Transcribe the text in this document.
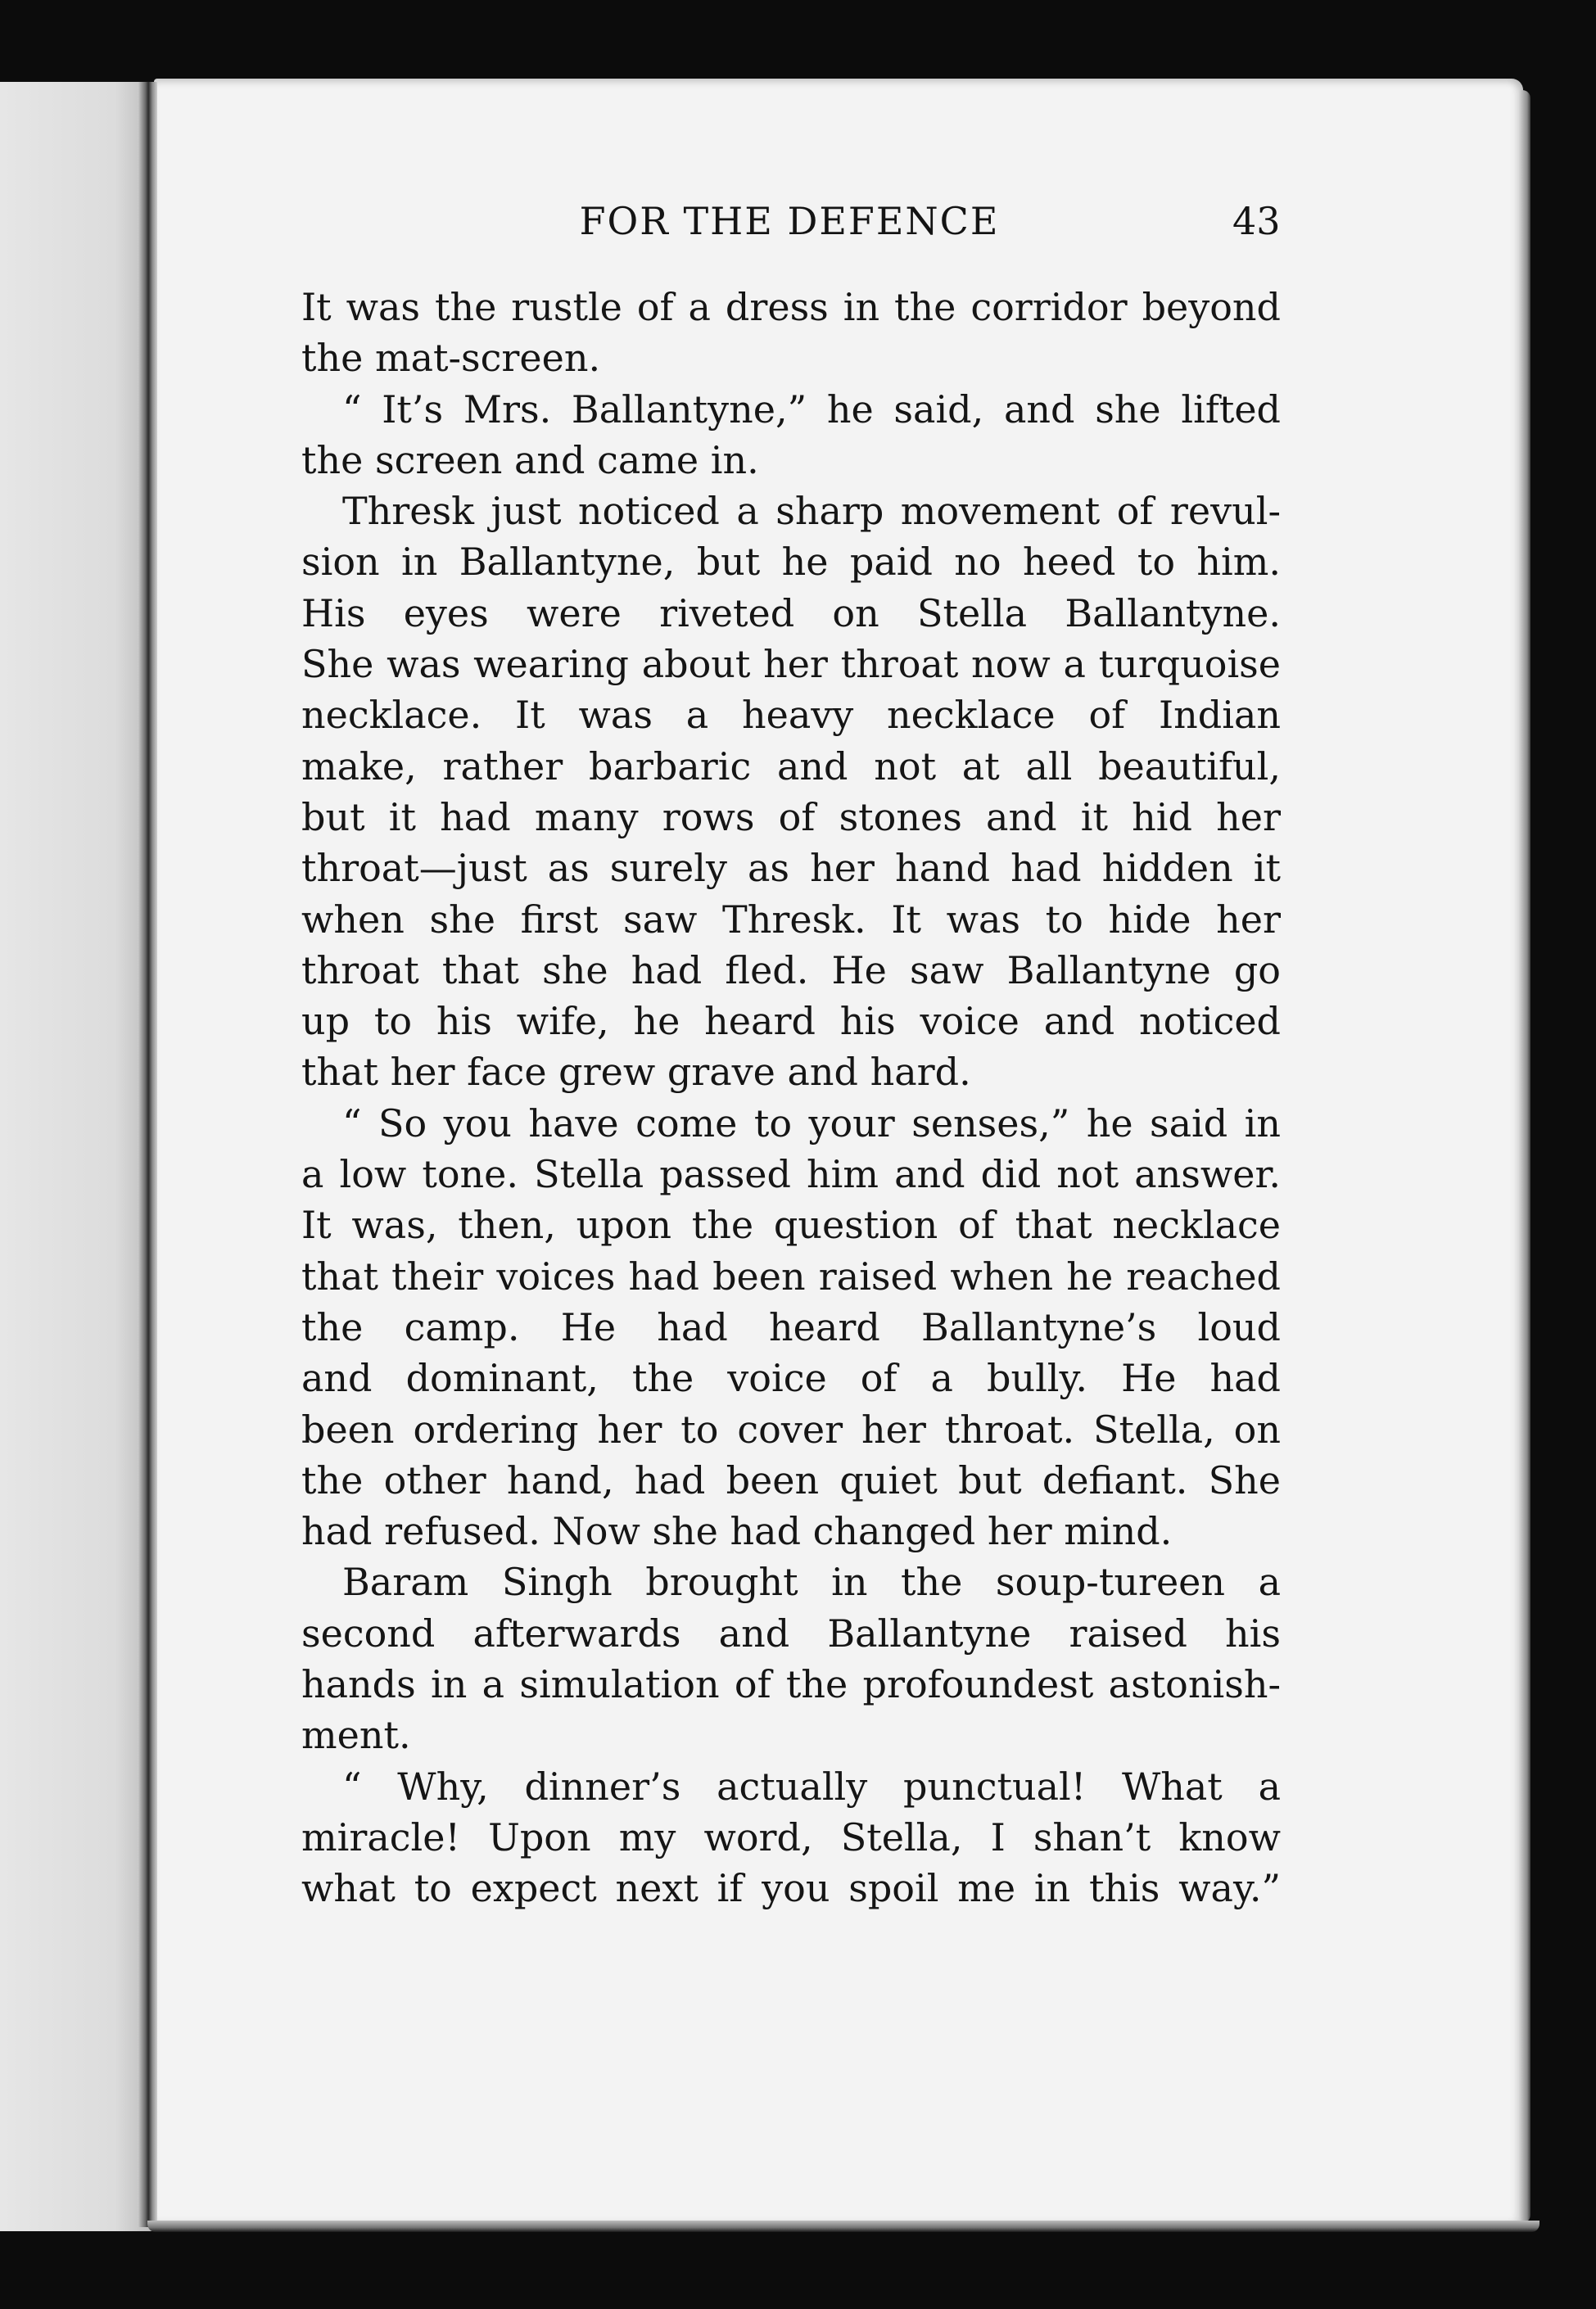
FOR THE DEFENCE	43
It was the rustle of a dress in the corridor beyond
the mat-screen.
“ It’s Mrs. Ballantyne,” he said, and she lifted
the screen and came in.
Thresk just noticed a sharp movement of revul-
sion in Ballantyne, but he paid no heed to him.
His eyes were riveted on Stella Ballantyne.
She was wearing about her throat now a turquoise
necklace. It was a heavy necklace of Indian
make, rather barbaric and not at all beautiful,
but it had many rows of stones and it hid her
throat—just as surely as her hand had hidden it
when she first saw Thresk. It was to hide her
throat that she had fled. He saw Ballantyne go
up to his wife, he heard his voice and noticed
that her face grew grave and hard.
“ So you have come to your senses,” he said in
a low tone. Stella passed him and did not answer.
It was, then, upon the question of that necklace
that their voices had been raised when he reached
the camp. He had heard Ballantyne’s loud
and dominant, the voice of a bully. He had
been ordering her to cover her throat. Stella, on
the other hand, had been quiet but defiant. She
had refused. Now she had changed her mind.
Baram Singh brought in the soup-tureen a
second afterwards and Ballantyne raised his
hands in a simulation of the profoundest astonish-
ment.
“ Why, dinner’s actually punctual! What a
miracle! Upon my word, Stella, I shan’t know
what to expect next if you spoil me in this way.”
